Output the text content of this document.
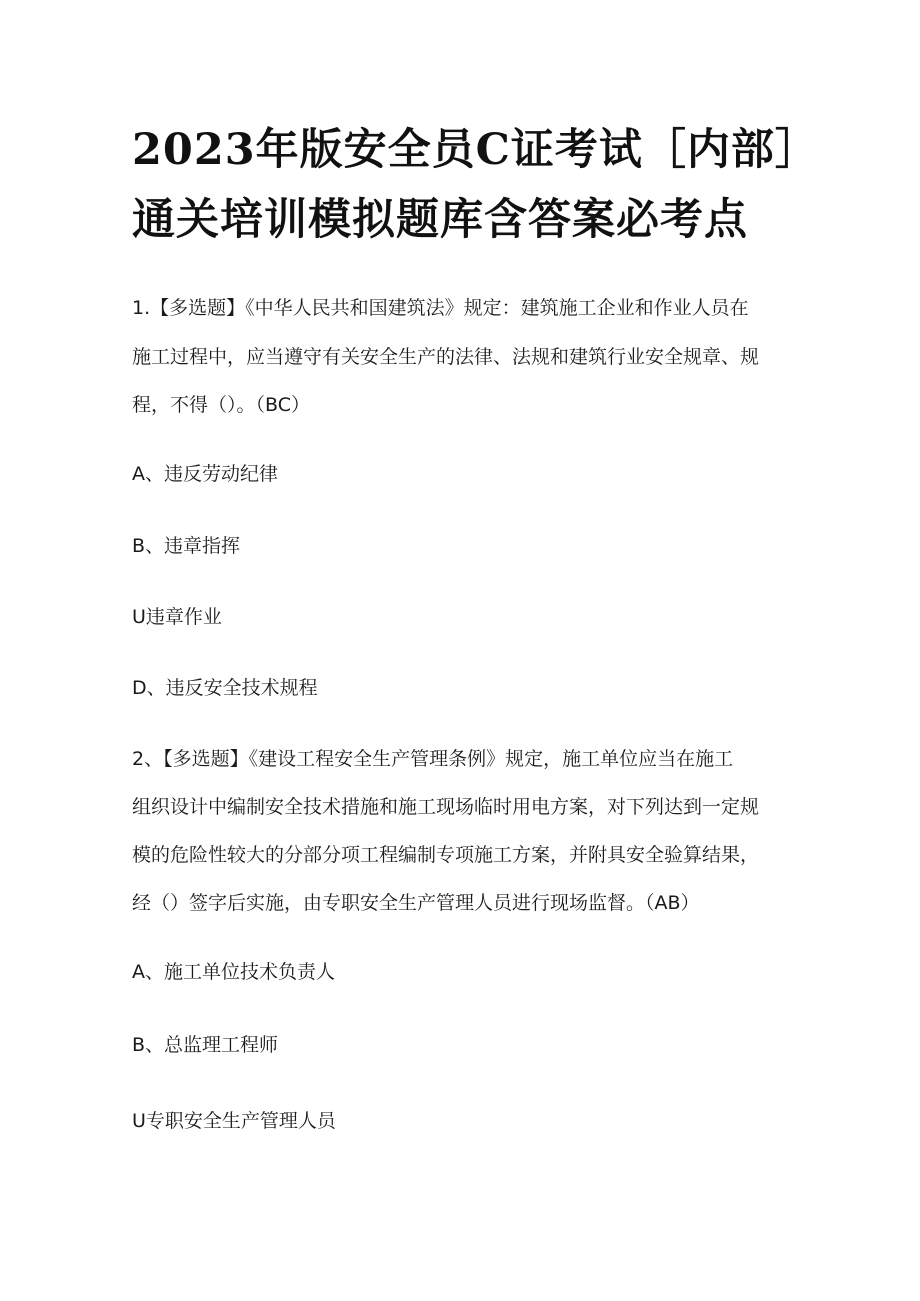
2023年版安全员C证考试［内部］
通关培训模拟题库含答案必考点
1.【多选题】《中华人民共和国建筑法》规定：建筑施工企业和作业人员在
施工过程中，应当遵守有关安全生产的法律、法规和建筑行业安全规章、规
程，不得（）。（BC）
A、违反劳动纪律
B、违章指挥
U违章作业
D、违反安全技术规程
2、【多选题】《建设工程安全生产管理条例》规定，施工单位应当在施工
组织设计中编制安全技术措施和施工现场临时用电方案，对下列达到一定规
模的危险性较大的分部分项工程编制专项施工方案，并附具安全验算结果，
经（）签字后实施，由专职安全生产管理人员进行现场监督。（AB）
A、施工单位技术负责人
B、总监理工程师
U专职安全生产管理人员
